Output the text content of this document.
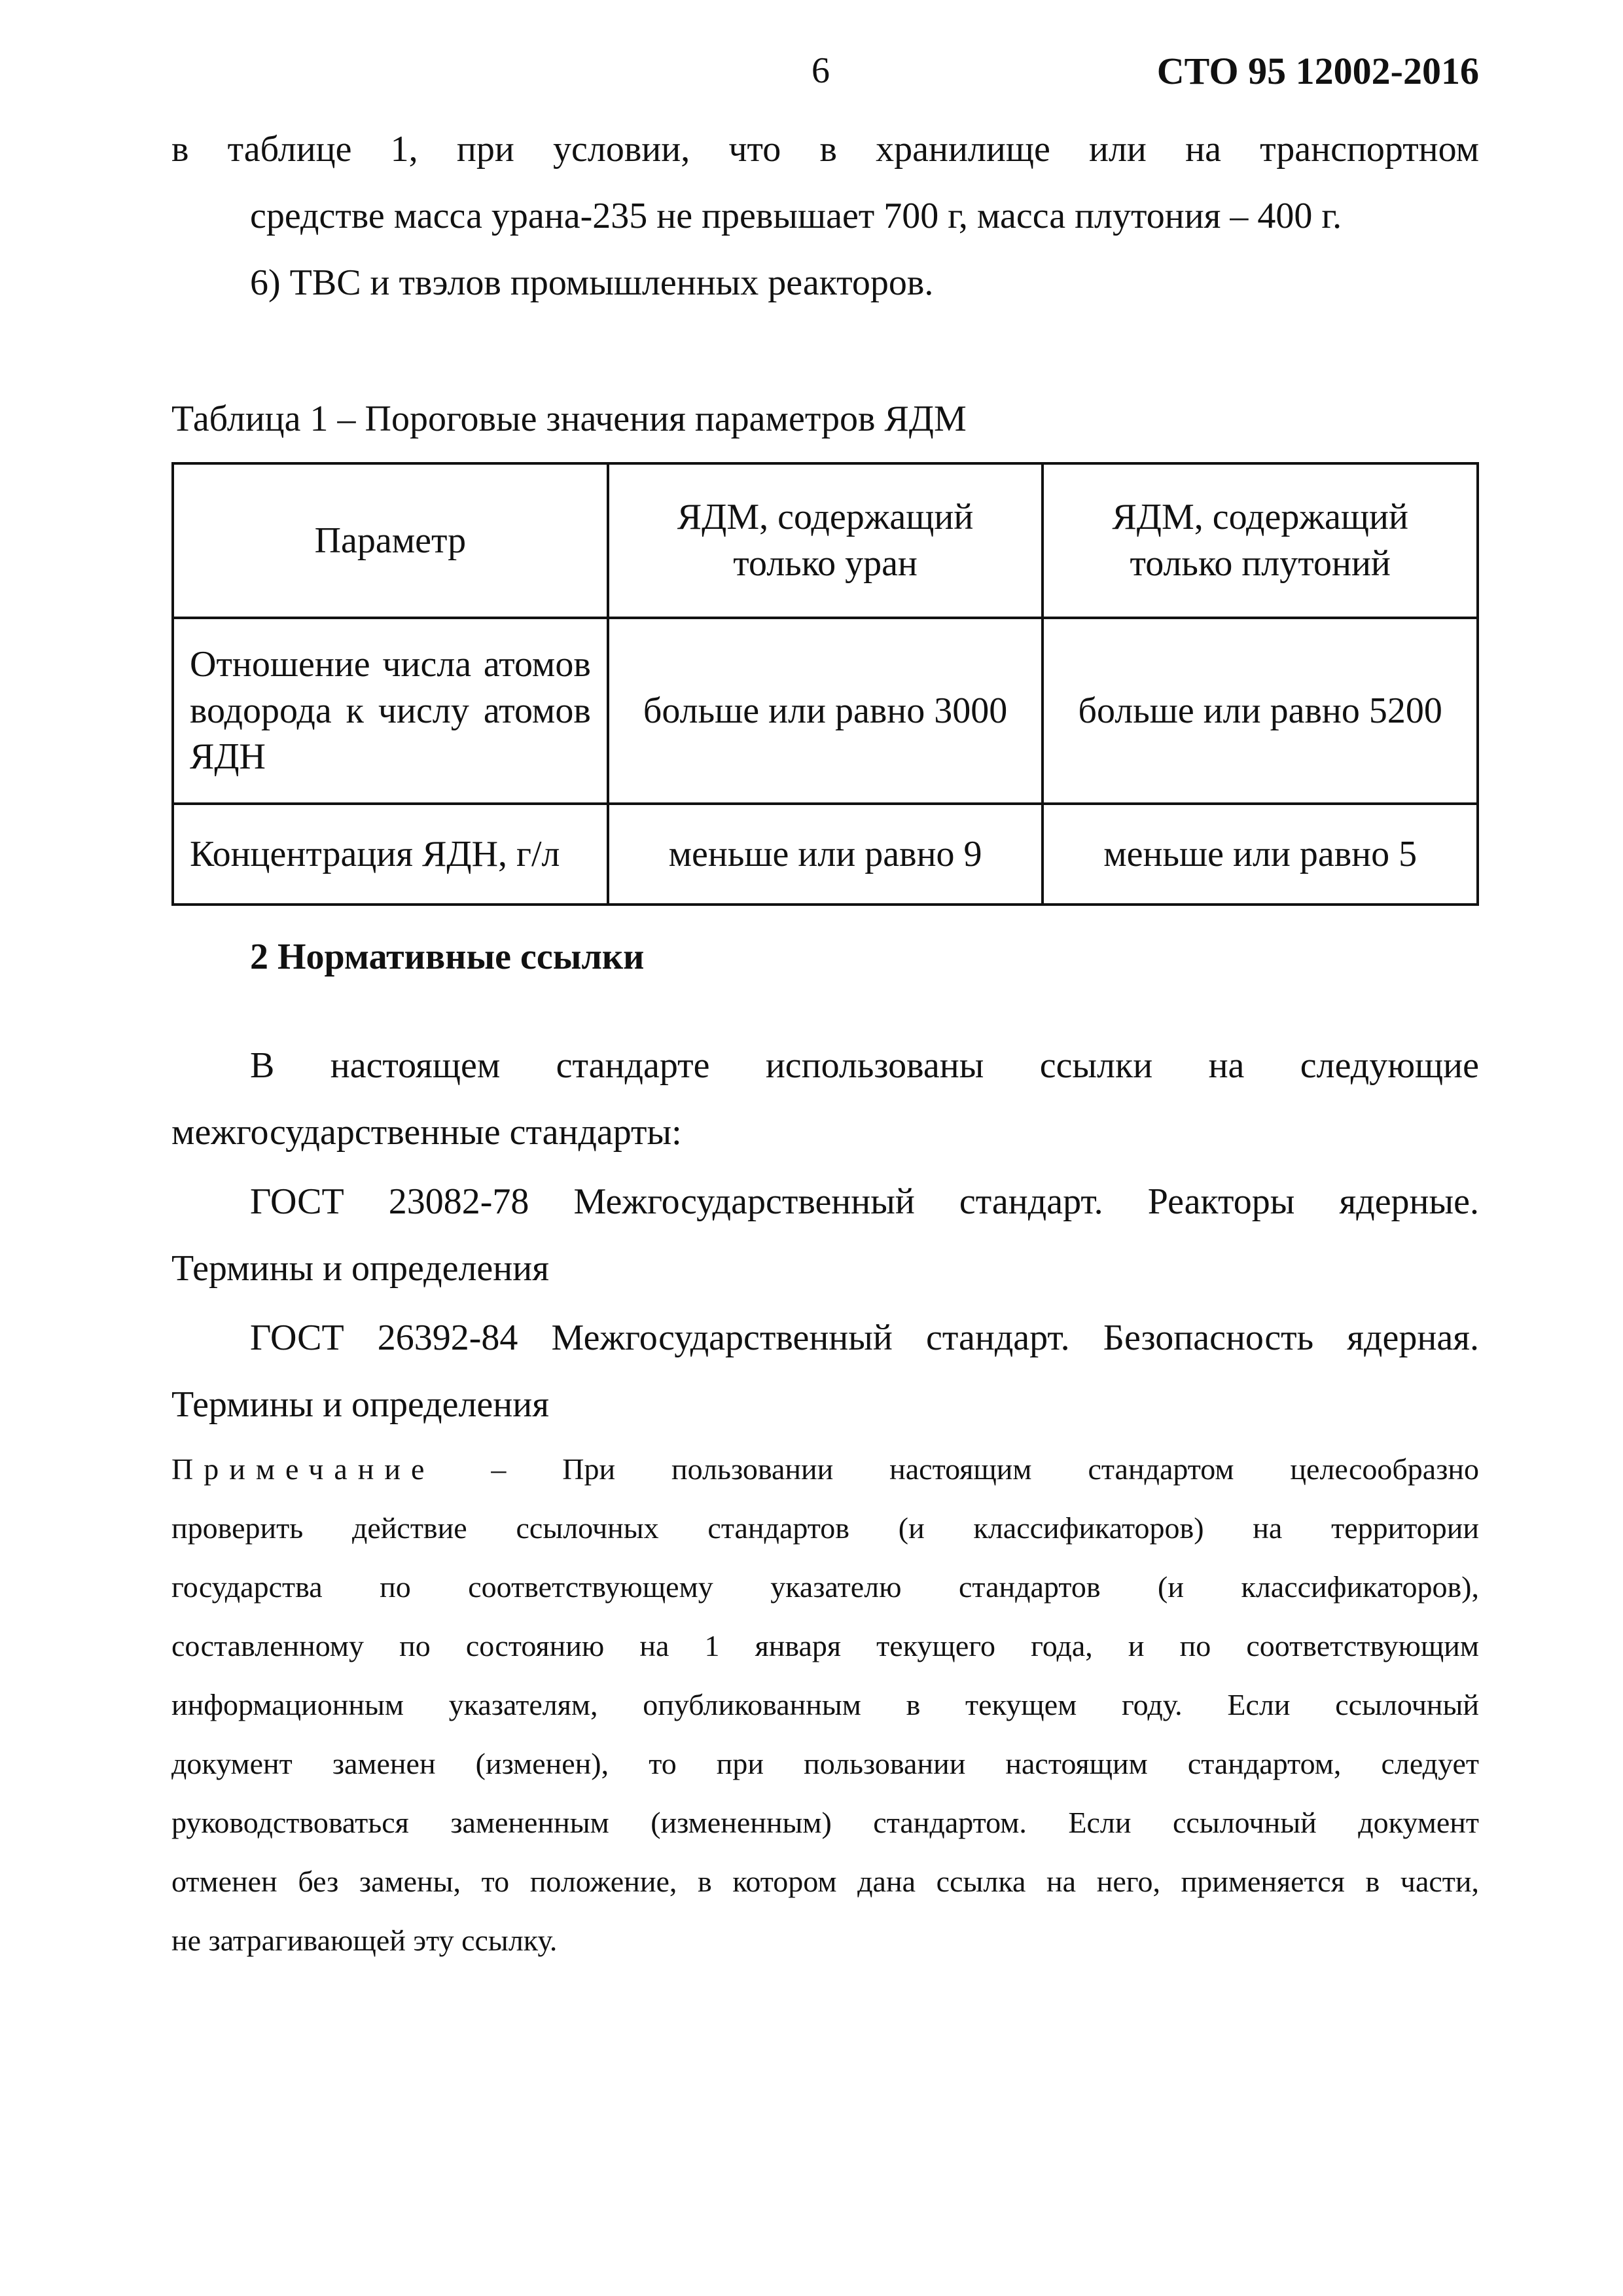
6	СТО 95 12002-2016
в таблице 1, при условии, что в хранилище или на транспортном
средстве масса урана-235 не превышает 700 г, масса плутония – 400 г.
6) ТВС и твэлов промышленных реакторов.
Таблица 1 – Пороговые значения параметров ЯДМ
Параметр	ЯДМ, содержащий только уран	ЯДМ, содержащий только плутоний
Отношение числа атомов водорода к числу атомов ЯДН	больше или равно 3000	больше или равно 5200
Концентрация ЯДН, г/л	меньше или равно 9	меньше или равно 5
2 Нормативные ссылки
В настоящем стандарте использованы ссылки на следующие
межгосударственные стандарты:
ГОСТ 23082-78 Межгосударственный стандарт. Реакторы ядерные.
Термины и определения
ГОСТ 26392-84 Межгосударственный стандарт. Безопасность ядерная.
Термины и определения
Примечание – При пользовании настоящим стандартом целесообразно
проверить действие ссылочных стандартов (и классификаторов) на территории
государства по соответствующему указателю стандартов (и классификаторов),
составленному по состоянию на 1 января текущего года, и по соответствующим
информационным указателям, опубликованным в текущем году. Если ссылочный
документ заменен (изменен), то при пользовании настоящим стандартом, следует
руководствоваться замененным (измененным) стандартом. Если ссылочный документ
отменен без замены, то положение, в котором дана ссылка на него, применяется в части,
не затрагивающей эту ссылку.
